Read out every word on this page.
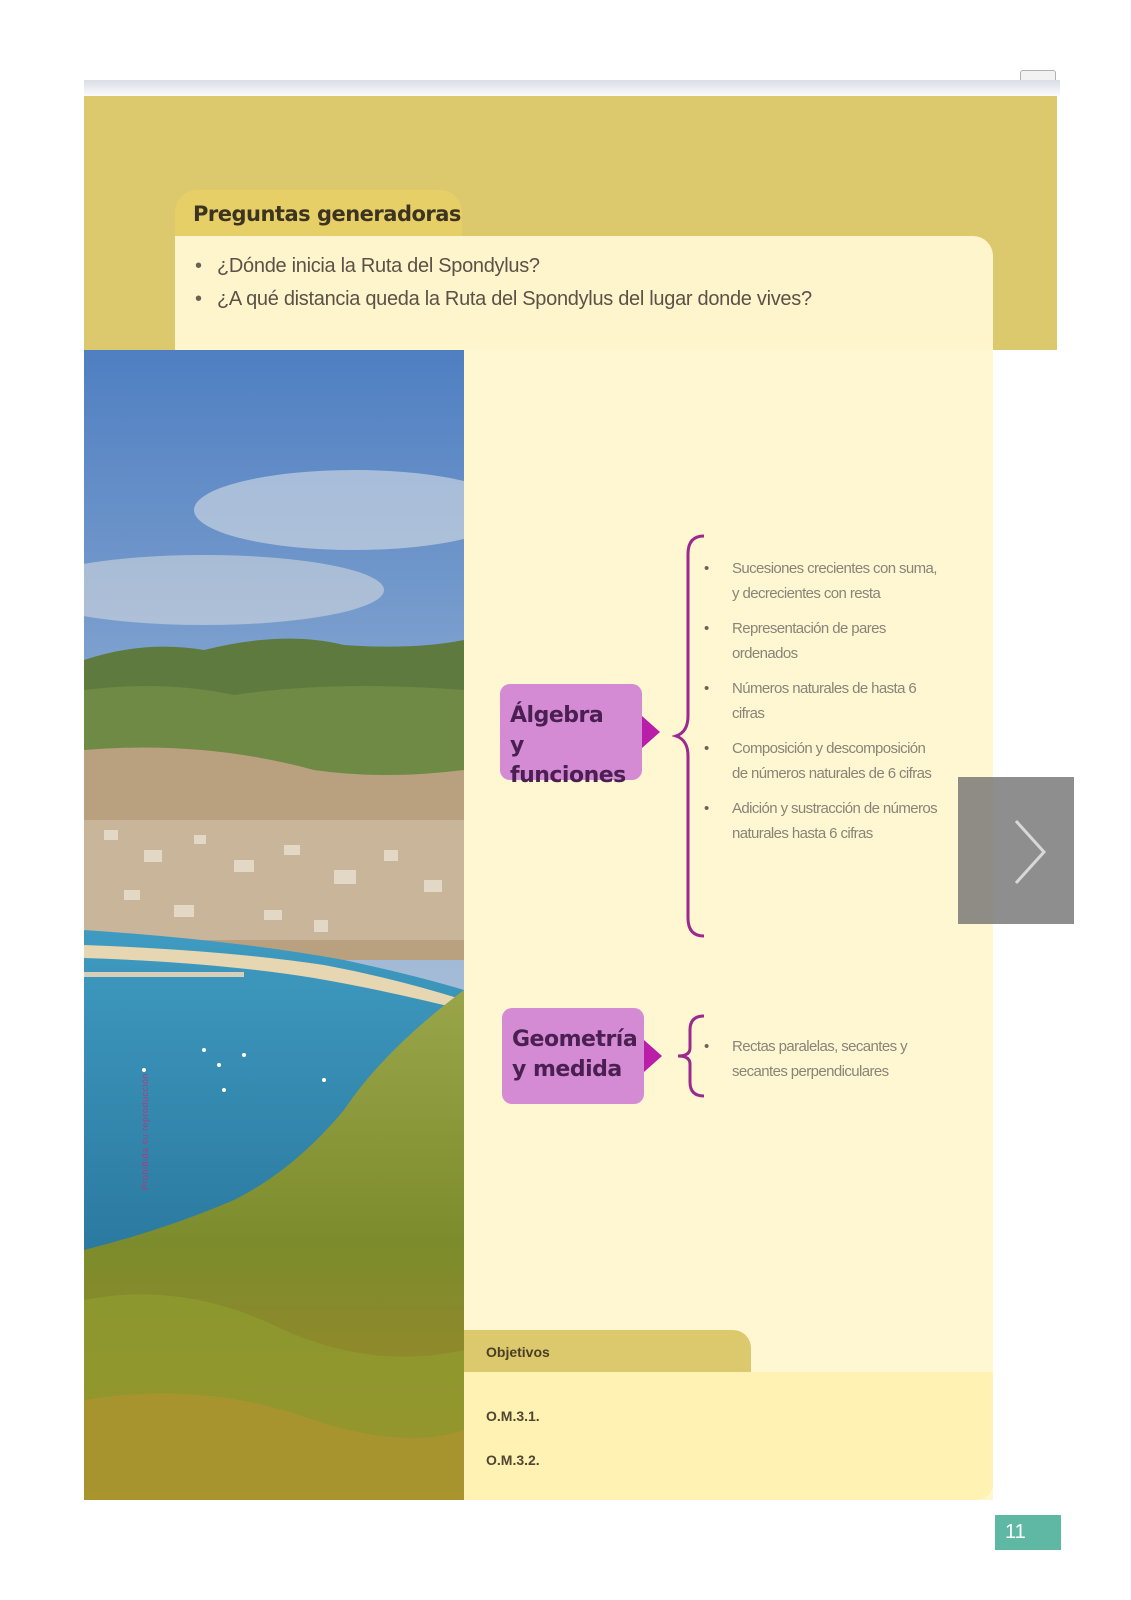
Preguntas generadoras
• ¿Dónde inicia la Ruta del Spondylus?
• ¿A qué distancia queda la Ruta del Spondylus del lugar donde vives?
Prohibida su reproducción
Álgebra
y funciones
• Sucesiones crecientes con suma, y decrecientes con resta
• Representación de pares ordenados
• Números naturales de hasta 6 cifras
• Composición y descomposición de números naturales de 6 cifras
• Adición y sustracción de números naturales hasta 6 cifras
Geometría
y medida
• Rectas paralelas, secantes y secantes perpendiculares
Objetivos
O.M.3.1.
O.M.3.2.
11
